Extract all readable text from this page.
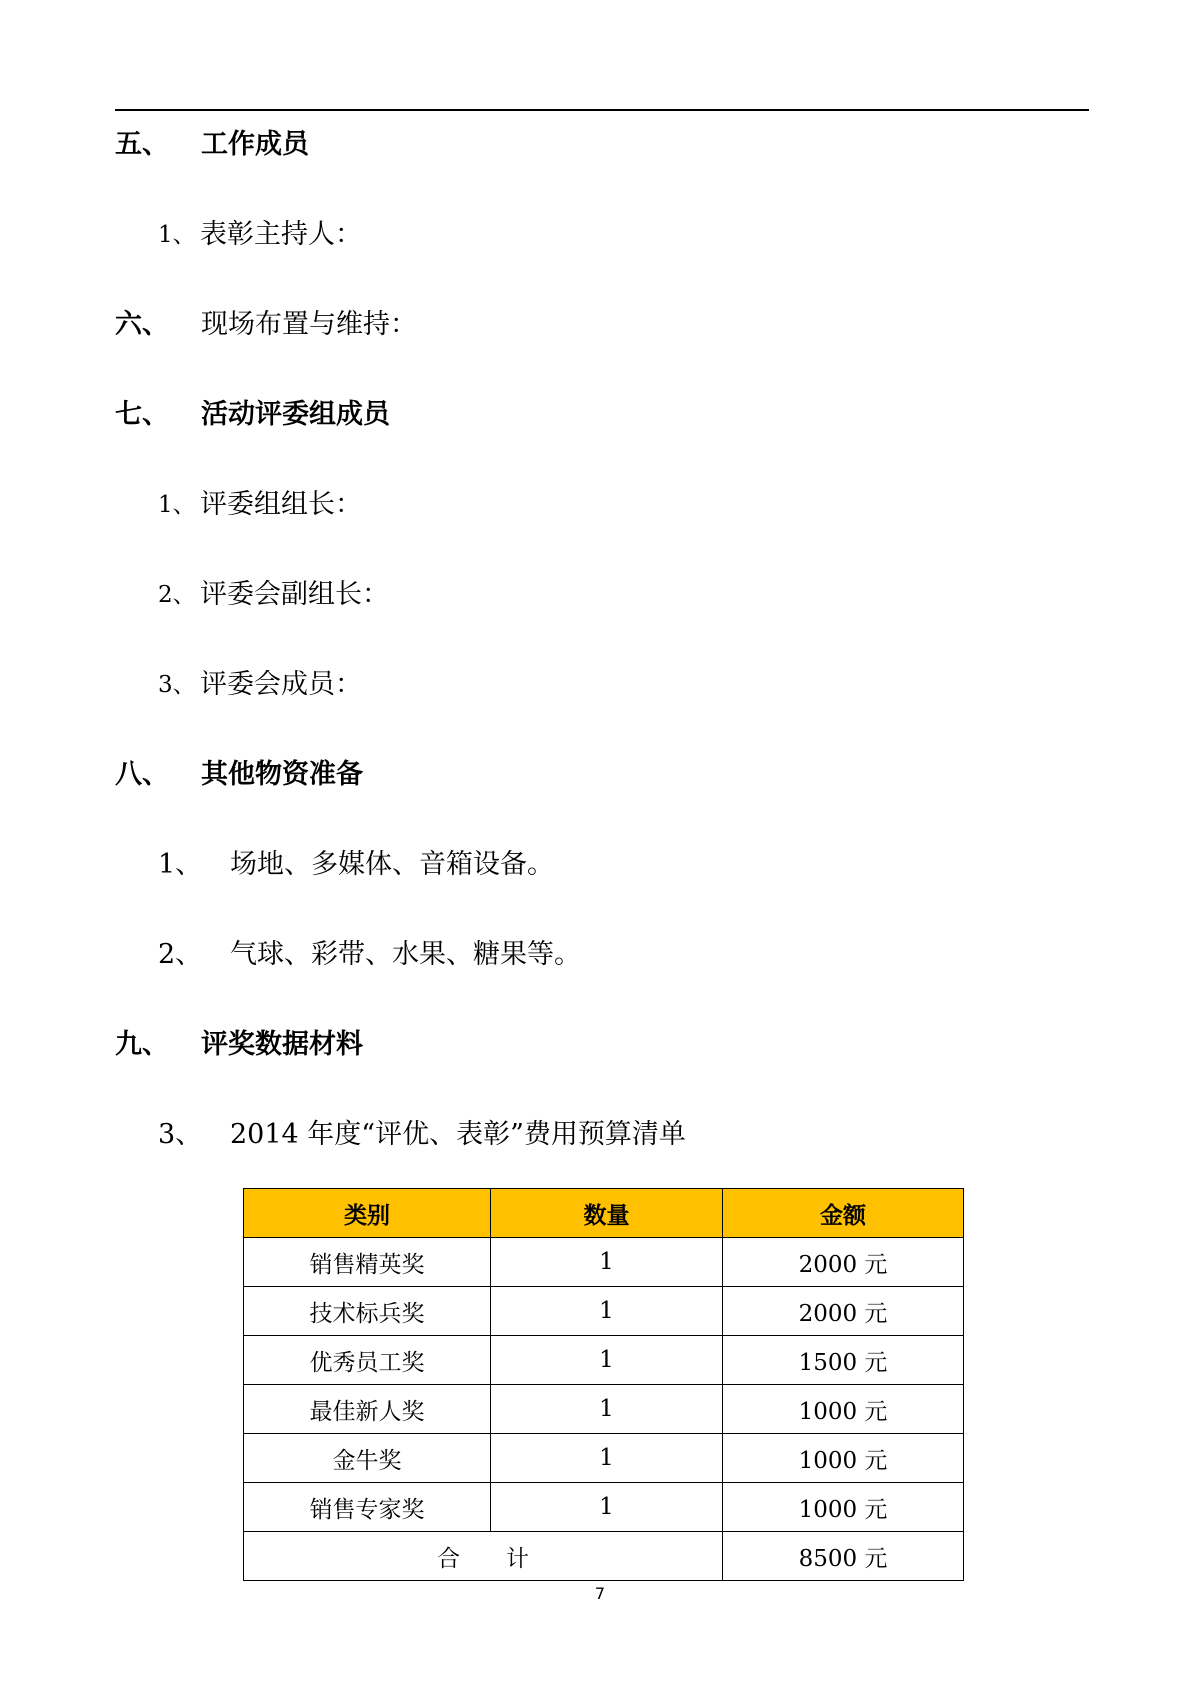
五、 工作成员
1、 表彰主持人：
六、 现场布置与维持：
七、 活动评委组成员
1、 评委组组长：
2、 评委会副组长：
3、 评委会成员：
八、 其他物资准备
1、 场地、多媒体、音箱设备。
2、 气球、彩带、水果、糖果等。
九、 评奖数据材料
3、 2014 年度“评优、表彰”费用预算清单
类别	数量	金额
销售精英奖	1	2000 元
技术标兵奖	1	2000 元
优秀员工奖	1	1500 元
最佳新人奖	1	1000 元
金牛奖	1	1000 元
销售专家奖	1	1000 元
合　　计		8500 元
7
